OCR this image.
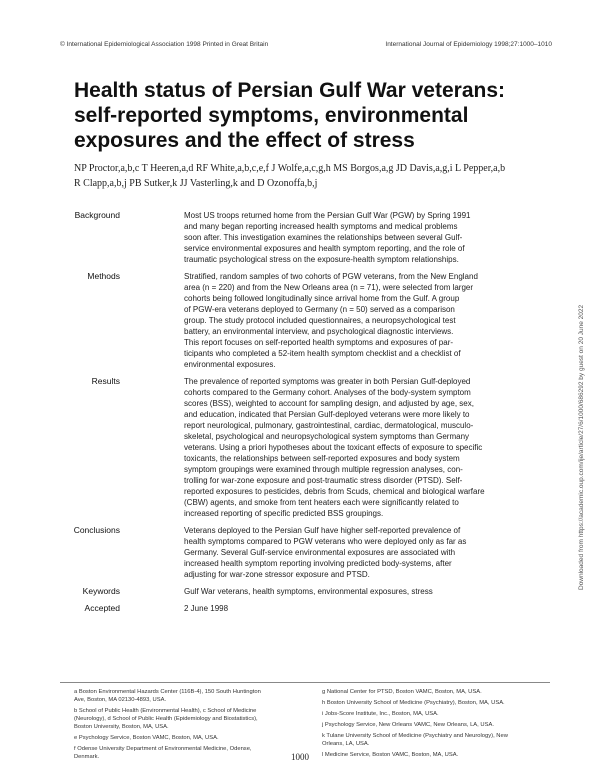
© International Epidemiological Association 1998 Printed in Great Britain	International Journal of Epidemiology 1998;27:1000–1010
Health status of Persian Gulf War veterans:
self-reported symptoms, environmental
exposures and the effect of stress
NP Proctor,a,b,c T Heeren,a,d RF White,a,b,c,e,f J Wolfe,a,c,g,h MS Borgos,a,g JD Davis,a,g,i L Pepper,a,b
R Clapp,a,b,j PB Sutker,k JJ Vasterling,k and D Ozonoffa,b,j
Downloaded from https://academic.oup.com/ije/article/27/6/1000/686292 by guest on 20 June 2022
Background	Most US troops returned home from the Persian Gulf War (PGW) by Spring 1991
and many began reporting increased health symptoms and medical problems
soon after. This investigation examines the relationships between several Gulf-
service environmental exposures and health symptom reporting, and the role of
traumatic psychological stress on the exposure-health symptom relationships.
Methods	Stratified, random samples of two cohorts of PGW veterans, from the New England
area (n = 220) and from the New Orleans area (n = 71), were selected from larger
cohorts being followed longitudinally since arrival home from the Gulf. A group
of PGW-era veterans deployed to Germany (n = 50) served as a comparison
group. The study protocol included questionnaires, a neuropsychological test
battery, an environmental interview, and psychological diagnostic interviews.
This report focuses on self-reported health symptoms and exposures of par-
ticipants who completed a 52-item health symptom checklist and a checklist of
environmental exposures.
Results	The prevalence of reported symptoms was greater in both Persian Gulf-deployed
cohorts compared to the Germany cohort. Analyses of the body-system symptom
scores (BSS), weighted to account for sampling design, and adjusted by age, sex,
and education, indicated that Persian Gulf-deployed veterans were more likely to
report neurological, pulmonary, gastrointestinal, cardiac, dermatological, musculo-
skeletal, psychological and neuropsychological system symptoms than Germany
veterans. Using a priori hypotheses about the toxicant effects of exposure to specific
toxicants, the relationships between self-reported exposures and body system
symptom groupings were examined through multiple regression analyses, con-
trolling for war-zone exposure and post-traumatic stress disorder (PTSD). Self-
reported exposures to pesticides, debris from Scuds, chemical and biological warfare
(CBW) agents, and smoke from tent heaters each were significantly related to
increased reporting of specific predicted BSS groupings.
Conclusions	Veterans deployed to the Persian Gulf have higher self-reported prevalence of
health symptoms compared to PGW veterans who were deployed only as far as
Germany. Several Gulf-service environmental exposures are associated with
increased health symptom reporting involving predicted body-systems, after
adjusting for war-zone stressor exposure and PTSD.
Keywords	Gulf War veterans, health symptoms, environmental exposures, stress
Accepted	2 June 1998
a Boston Environmental Hazards Center (116B-4), 150 South Huntington
Ave, Boston, MA 02130-4893, USA.
b School of Public Health (Environmental Health), c School of Medicine
(Neurology), d School of Public Health (Epidemiology and Biostatistics),
Boston University, Boston, MA, USA.
e Psychology Service, Boston VAMC, Boston, MA, USA.
f Odense University Department of Environmental Medicine, Odense,
Denmark.
g National Center for PTSD, Boston VAMC, Boston, MA, USA.
h Boston University School of Medicine (Psychiatry), Boston, MA, USA.
i Jobs-Score Institute, Inc., Boston, MA, USA.
j Psychology Service, New Orleans VAMC, New Orleans, LA, USA.
k Tulane University School of Medicine (Psychiatry and Neurology), New
Orleans, LA, USA.
l Medicine Service, Boston VAMC, Boston, MA, USA.
1000
